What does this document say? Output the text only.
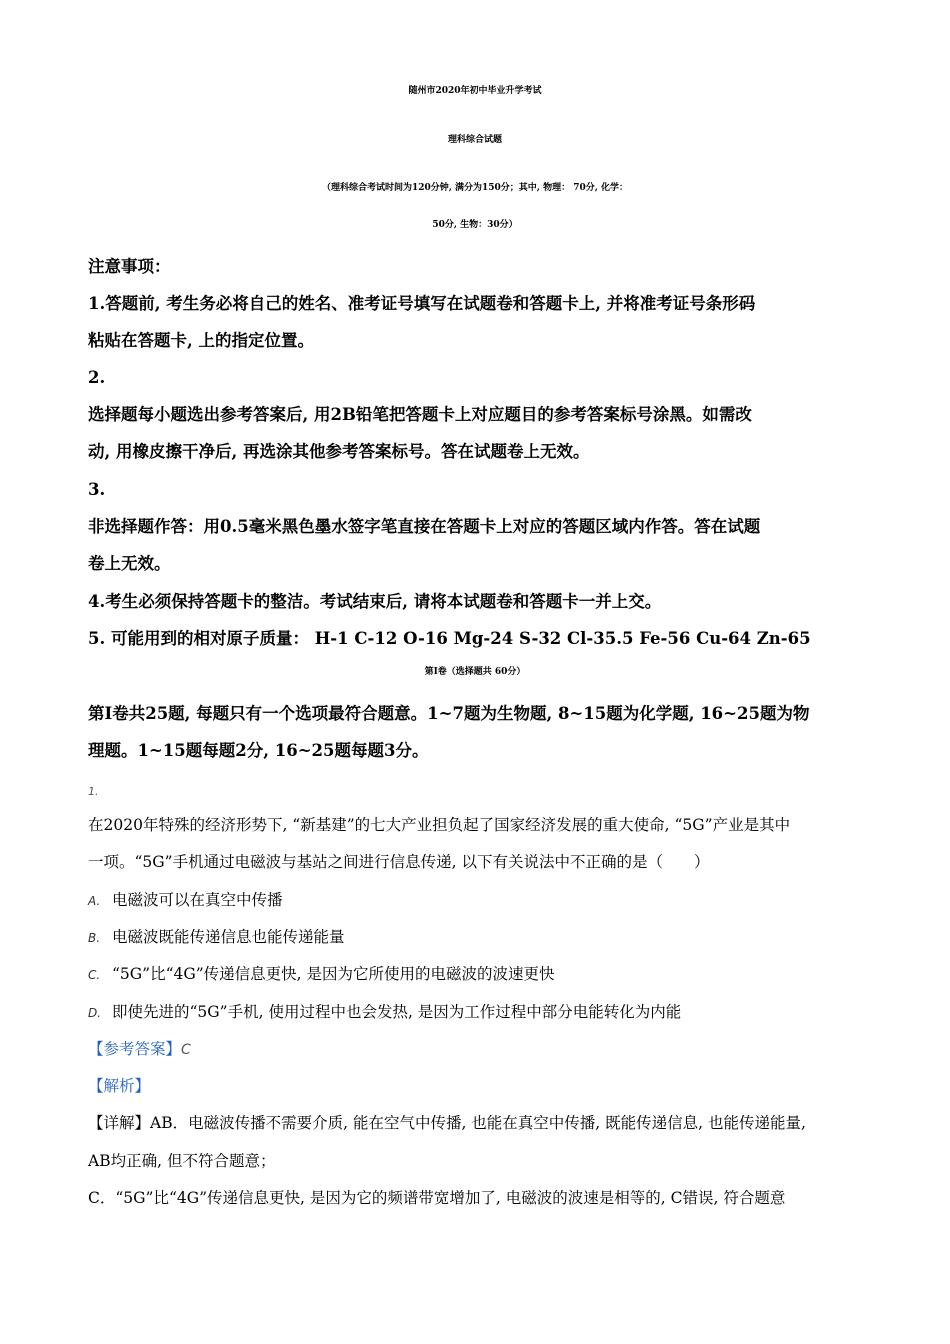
随州市2020年初中毕业升学考试
理科综合试题
（理科综合考试时间为120分钟, 满分为150分；其中, 物理： 70分, 化学：
50分, 生物：30分）
注意事项：
1.答题前, 考生务必将自己的姓名、准考证号填写在试题卷和答题卡上, 并将准考证号条形码
粘贴在答题卡, 上的指定位置。
2.
选择题每小题选出参考答案后, 用2B铅笔把答题卡上对应题目的参考答案标号涂黑。如需改
动, 用橡皮擦干净后, 再选涂其他参考答案标号。答在试题卷上无效。
3.
非选择题作答：用0.5毫米黑色墨水签字笔直接在答题卡上对应的答题区域内作答。答在试题
卷上无效。
4.考生必须保持答题卡的整洁。考试结束后, 请将本试题卷和答题卡一并上交。
5. 可能用到的相对原子质量： H-1 C-12 O-16 Mg-24 S-32 Cl-35.5 Fe-56 Cu-64 Zn-65
第I卷（选择题共 60分）
第I卷共25题, 每题只有一个选项最符合题意。1~7题为生物题, 8~15题为化学题, 16~25题为物
理题。1~15题每题2分, 16~25题每题3分。
1.
在2020年特殊的经济形势下, “新基建”的七大产业担负起了国家经济发展的重大使命, “5G”产业是其中
一项。“5G”手机通过电磁波与基站之间进行信息传递, 以下有关说法中不正确的是（　　）
A. 电磁波可以在真空中传播
B. 电磁波既能传递信息也能传递能量
C. “5G”比“4G”传递信息更快, 是因为它所使用的电磁波的波速更快
D. 即使先进的“5G”手机, 使用过程中也会发热, 是因为工作过程中部分电能转化为内能
【参考答案】C
【解析】
【详解】AB．电磁波传播不需要介质, 能在空气中传播, 也能在真空中传播, 既能传递信息, 也能传递能量,
AB均正确, 但不符合题意；
C．“5G”比“4G”传递信息更快, 是因为它的频谱带宽增加了, 电磁波的波速是相等的, C错误, 符合题意
